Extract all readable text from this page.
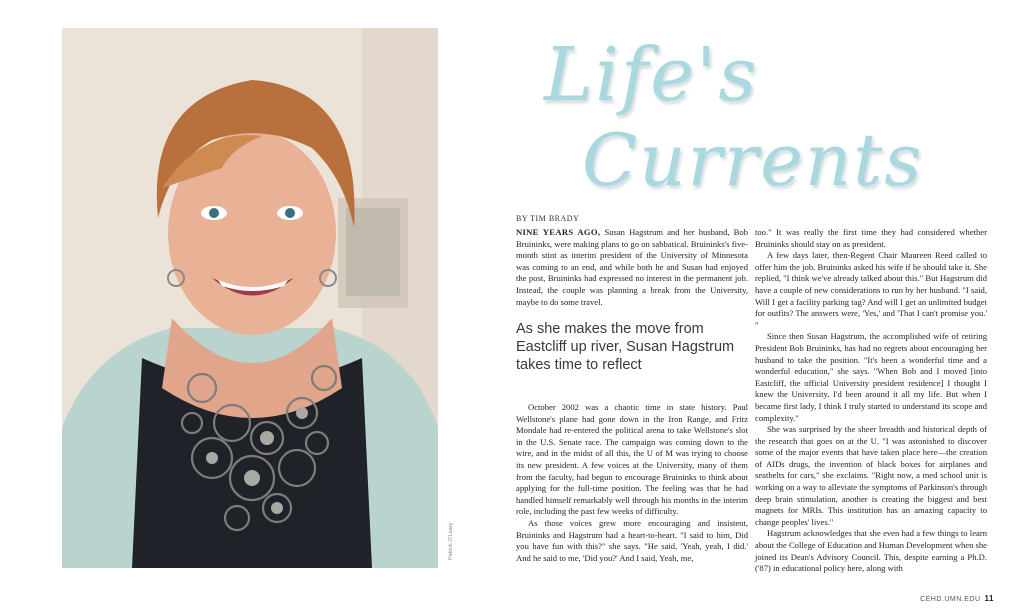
Patrick O'Leary
Life's
Currents
BY TIM BRADY

NINE YEARS AGO, Susan Hagstrum and her husband, Bob Bruininks, were making plans to go on sabbatical. Bruininks's five-month stint as interim president of the University of Minnesota was coming to an end, and while both he and Susan had enjoyed the post, Bruininks had expressed no interest in the permanent job. Instead, the couple was planning a break from the University, maybe to do some travel.

As she makes the move from Eastcliff up river, Susan Hagstrum takes time to reflect

October 2002 was a chaotic time in state history. Paul Wellstone's plane had gone down in the Iron Range, and Fritz Mondale had re-entered the political arena to take Wellstone's slot in the U.S. Senate race. The campaign was coming down to the wire, and in the midst of all this, the U of M was trying to choose its new president. A few voices at the University, many of them from the faculty, had begun to encourage Bruininks to think about applying for the full-time position. The feeling was that he had handled himself remarkably well through his months in the interim role, including the past few weeks of difficulty.

As those voices grew more encouraging and insistent, Bruininks and Hagstrum had a heart-to-heart. "I said to him, Did you have fun with this?" she says. "He said, 'Yeah, yeah, I did.' And he said to me, 'Did you?' And I said, Yeah, me,

too." It was really the first time they had considered whether Bruininks should stay on as president.

A few days later, then-Regent Chair Maureen Reed called to offer him the job. Bruininks asked his wife if he should take it. She replied, "I think we've already talked about this." But Hagstrum did have a couple of new considerations to run by her husband. "I said, Will I get a facility parking tag? And will I get an unlimited budget for outfits? The answers were, 'Yes,' and 'That I can't promise you.' "

Since then Susan Hagstrum, the accomplished wife of retiring President Bob Bruininks, has had no regrets about encouraging her husband to take the position. "It's been a wonderful time and a wonderful education," she says. "When Bob and I moved [into Eastcliff, the official University president residence] I thought I knew the University. I'd been around it all my life. But when I became first lady, I think I truly started to understand its scope and complexity."

She was surprised by the sheer breadth and historical depth of the research that goes on at the U. "I was astonished to discover some of the major events that have taken place here—the creation of AIDs drugs, the invention of black boxes for airplanes and seatbelts for cars," she exclaims. "Right now, a med school unit is working on a way to alleviate the symptoms of Parkinson's through deep brain stimulation, another is creating the biggest and best magnets for MRIs. This institution has an amazing capacity to change peoples' lives."

Hagstrum acknowledges that she even had a few things to learn about the College of Education and Human Development when she joined its Dean's Advisory Council. This, despite earning a Ph.D. ('87) in educational policy here, along with

CEHD.UMN.EDU 11
